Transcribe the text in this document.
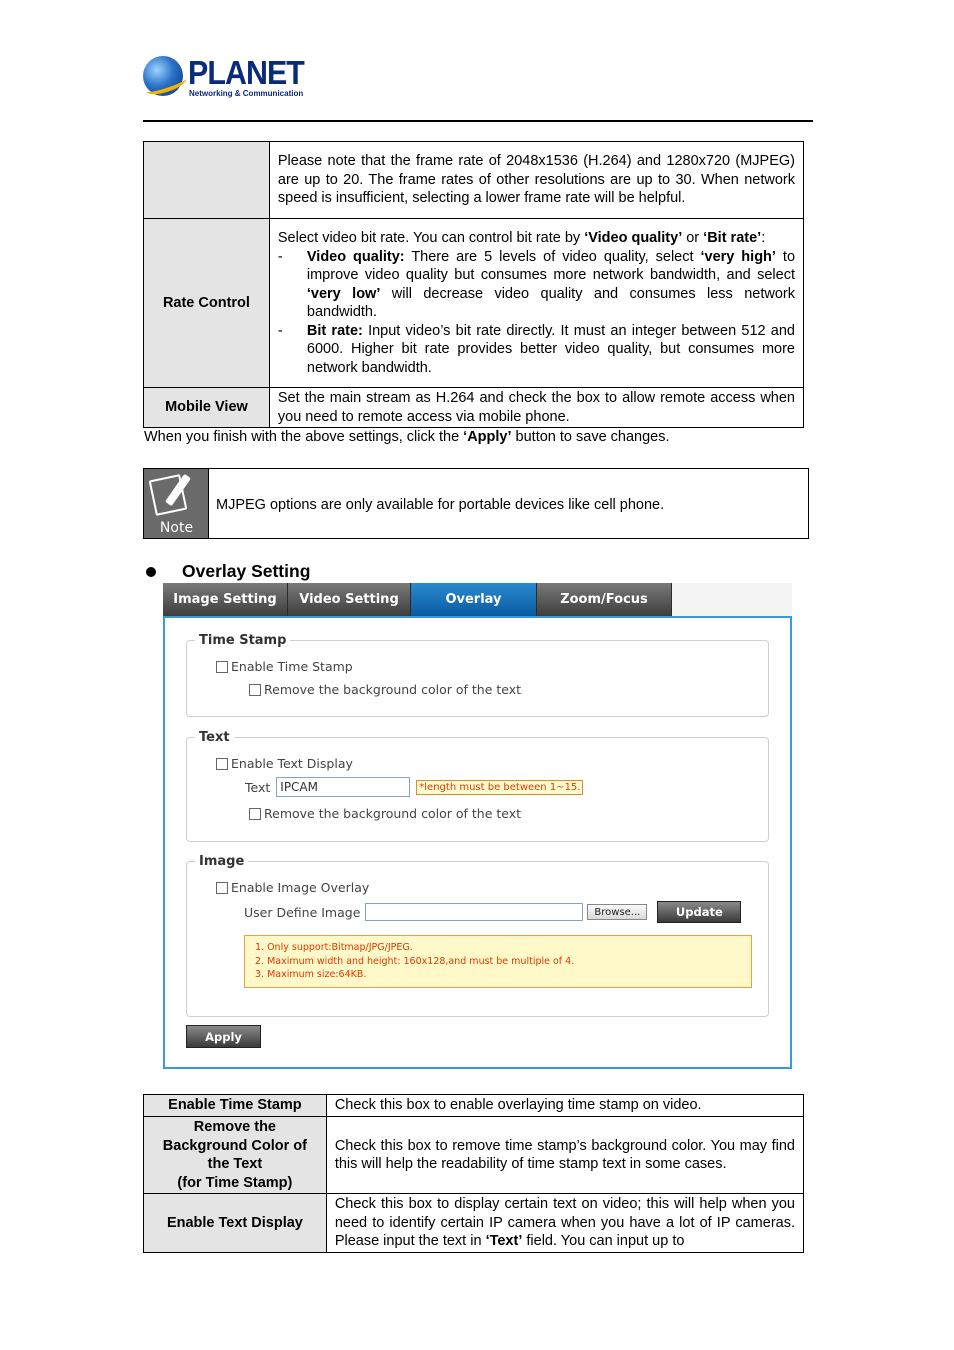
PLANET
Networking & Communication
	Please note that the frame rate of 2048x1536 (H.264) and 1280x720 (MJPEG) are up to 20. The frame rates of other resolutions are up to 30. When network speed is insufficient, selecting a lower frame rate will be helpful.
Rate Control	Select video bit rate. You can control bit rate by ‘Video quality’ or ‘Bit rate’:
- Video quality: There are 5 levels of video quality, select ‘very high’ to improve video quality but consumes more network bandwidth, and select ‘very low’ will decrease video quality and consumes less network bandwidth.
- Bit rate: Input video’s bit rate directly. It must an integer between 512 and 6000. Higher bit rate provides better video quality, but consumes more network bandwidth.

Mobile View	Set the main stream as H.264 and check the box to allow remote access when you need to remote access via mobile phone.
When you finish with the above settings, click the ‘Apply’ button to save changes.
Note
MJPEG options are only available for portable devices like cell phone.
Overlay Setting
Image Setting	Video Setting	Overlay	Zoom/Focus
Time Stamp
Enable Time Stamp
Remove the background color of the text
Text
Enable Text Display
Text IPCAM	*length must be between 1~15.
Remove the background color of the text
Image
Enable Image Overlay
User Define Image	Browse...	Update
1. Only support:Bitmap/JPG/JPEG.
2. Maximum width and height: 160x128,and must be multiple of 4.
3. Maximum size:64KB.
Apply
Enable Time Stamp	Check this box to enable overlaying time stamp on video.

Remove the
Background Color of
the Text
(for Time Stamp)	Check this box to remove time stamp’s background color. You may find this will help the readability of time stamp text in some cases.
Enable Text Display	Check this box to display certain text on video; this will help when you need to identify certain IP camera when you have a lot of IP cameras. Please input the text in ‘Text’ field. You can input up to
